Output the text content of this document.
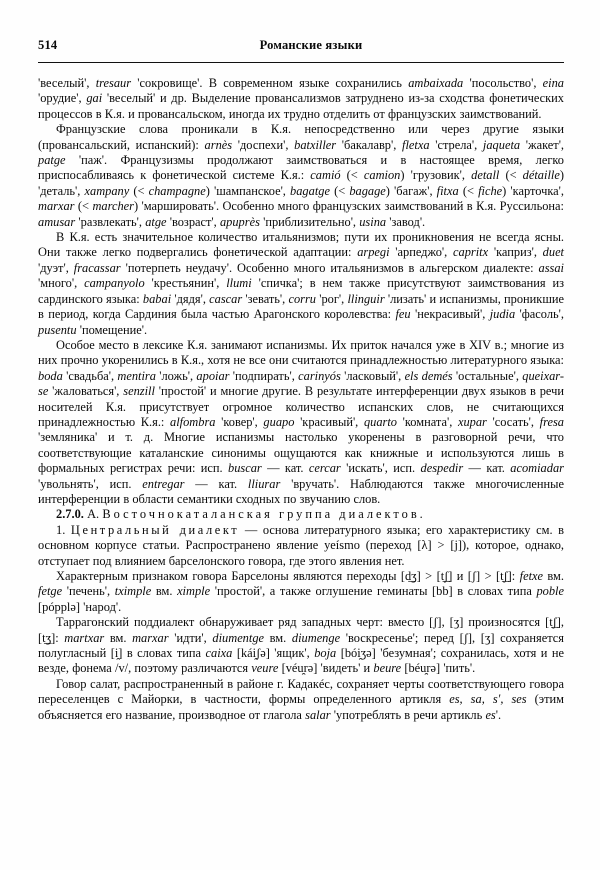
514	Романские языки

'веселый', tresaur 'сокровище'. В современном языке сохранились ambaixada 'посольство', eina 'орудие', gai 'веселый' и др. Выделение провансализмов затруднено из-за сходства фонетических процессов в К.я. и провансальском, иногда их трудно отделить от французских заимствований.

Французские слова проникали в К.я. непосредственно или через другие языки (провансальский, испанский): arnès 'доспехи', batxiller 'бакалавр', fletxa 'стрела', jaqueta 'жакет', patge 'паж'. Французизмы продолжают заимствоваться и в настоящее время, легко приспосабливаясь к фонетической системе К.я.: camió (< camion) 'грузовик', detall (< détaille) 'деталь', xampany (< champagne) 'шампанское', bagatge (< bagage) 'багаж', fitxa (< fiche) 'карточка', marxar (< marcher) 'маршировать'. Особенно много французских заимствований в К.я. Руссильона: amusar 'развлекать', atge 'возраст', apuprès 'приблизительно', usina 'завод'.

В К.я. есть значительное количество итальянизмов; пути их проникновения не всегда ясны. Они также легко подвергались фонетической адаптации: arpegi 'арпеджо', capritx 'каприз', duet 'дуэт', fracassar 'потерпеть неудачу'. Особенно много итальянизмов в альгерском диалекте: assai 'много', campanyolo 'крестьянин', llumi 'спичка'; в нем также присутствуют заимствования из сардинского языка: babai 'дядя', cascar 'зевать', corru 'рог', llinguir 'лизать' и испанизмы, проникшие в период, когда Сардиния была частью Арагонского королевства: feu 'некрасивый', judia 'фасоль', pusentu 'помещение'.

Особое место в лексике К.я. занимают испанизмы. Их приток начался уже в XIV в.; многие из них прочно укоренились в К.я., хотя не все они считаются принадлежностью литературного языка: boda 'свадьба', mentira 'ложь', apoiar 'подпирать', carinyós 'ласковый', els demés 'остальные', queixar-se 'жаловаться', senzill 'простой' и многие другие. В результате интерференции двух языков в речи носителей К.я. присутствует огромное количество испанских слов, не считающихся принадлежностью К.я.: alfombra 'ковер', guapo 'красивый', quarto 'комната', xupar 'сосать', fresa 'земляника' и т. д. Многие испанизмы настолько укоренены в разговорной речи, что соответствующие каталанские синонимы ощущаются как книжные и используются лишь в формальных регистрах речи: исп. buscar — кат. cercar 'искать', исп. despedir — кат. acomiadar 'увольнять', исп. entregar — кат. lliurar 'вручать'. Наблюдаются также многочисленные интерференции в области семантики сходных по звучанию слов.

2.7.0. А. Восточнокаталанская группа диалектов.

1. Центральный диалект — основа литературного языка; его характеристику см. в основном корпусе статьи. Распространено явление yeísmo (переход [λ] > [j]), которое, однако, отступает под влиянием барселонского говора, где этого явления нет.

Характерным признаком говора Барселоны являются переходы [d͟ʒ] > [t͟ʃ] и [ʃ] > [t͟ʃ]: fetxe вм. fetge 'печень', tximple вм. ximple 'простой', а также оглушение геминаты [bb] в словах типа poble [pópplə] 'народ'.

Таррагонский поддиалект обнаруживает ряд западных черт: вместо [ʃ], [ʒ] произносятся [t͟ʃ], [t͟ʒ]: martxar вм. marxar 'идти', diumentge вм. diumenge 'воскресенье'; перед [ʃ], [ʒ] сохраняется полугласный [i̯] в словах типа caixa [kái̯ʃə] 'ящик', boja [bói̯ʒə] 'безумная'; сохранилась, хотя и не везде, фонема /v/, поэтому различаются veure [véu̯rə] 'видеть' и beure [béu̯rə] 'пить'.

Говор салат, распространенный в районе г. Кадакéс, сохраняет черты соответствующего говора переселенцев с Майорки, в частности, формы определенного артикля es, sa, s', ses (этим объясняется его название, производное от глагола salar 'употреблять в речи артикль es'.
